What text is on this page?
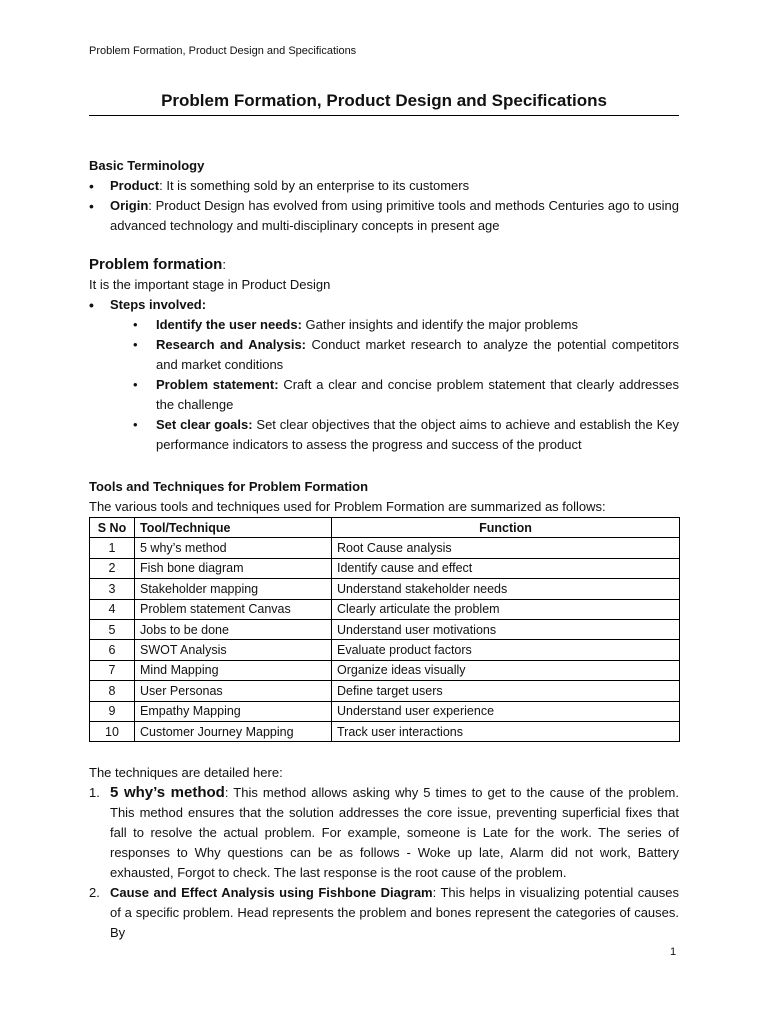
Problem Formation, Product Design and Specifications
Problem Formation, Product Design and Specifications
Basic Terminology
• Product: It is something sold by an enterprise to its customers
• Origin: Product Design has evolved from using primitive tools and methods Centuries ago to using advanced technology and multi-disciplinary concepts in present age
Problem formation:
It is the important stage in Product Design
• Steps involved:
• Identify the user needs: Gather insights and identify the major problems
• Research and Analysis: Conduct market research to analyze the potential competitors and market conditions
• Problem statement: Craft a clear and concise problem statement that clearly addresses the challenge
• Set clear goals: Set clear objectives that the object aims to achieve and establish the Key performance indicators to assess the progress and success of the product
Tools and Techniques for Problem Formation
The various tools and techniques used for Problem Formation are summarized as follows:
S No	Tool/Technique	Function
1	5 why’s method	Root Cause analysis
2	Fish bone diagram	Identify cause and effect
3	Stakeholder mapping	Understand stakeholder needs
4	Problem statement Canvas	Clearly articulate the problem
5	Jobs to be done	Understand user motivations
6	SWOT Analysis	Evaluate product factors
7	Mind Mapping	Organize ideas visually
8	User Personas	Define target users
9	Empathy Mapping	Understand user experience
10	Customer Journey Mapping	Track user interactions
The techniques are detailed here:
1. 5 why’s method: This method allows asking why 5 times to get to the cause of the problem. This method ensures that the solution addresses the core issue, preventing superficial fixes that fall to resolve the actual problem. For example, someone is Late for the work. The series of responses to Why questions can be as follows - Woke up late, Alarm did not work, Battery exhausted, Forgot to check. The last response is the root cause of the problem.
2. Cause and Effect Analysis using Fishbone Diagram: This helps in visualizing potential causes of a specific problem. Head represents the problem and bones represent the categories of causes. By
1
